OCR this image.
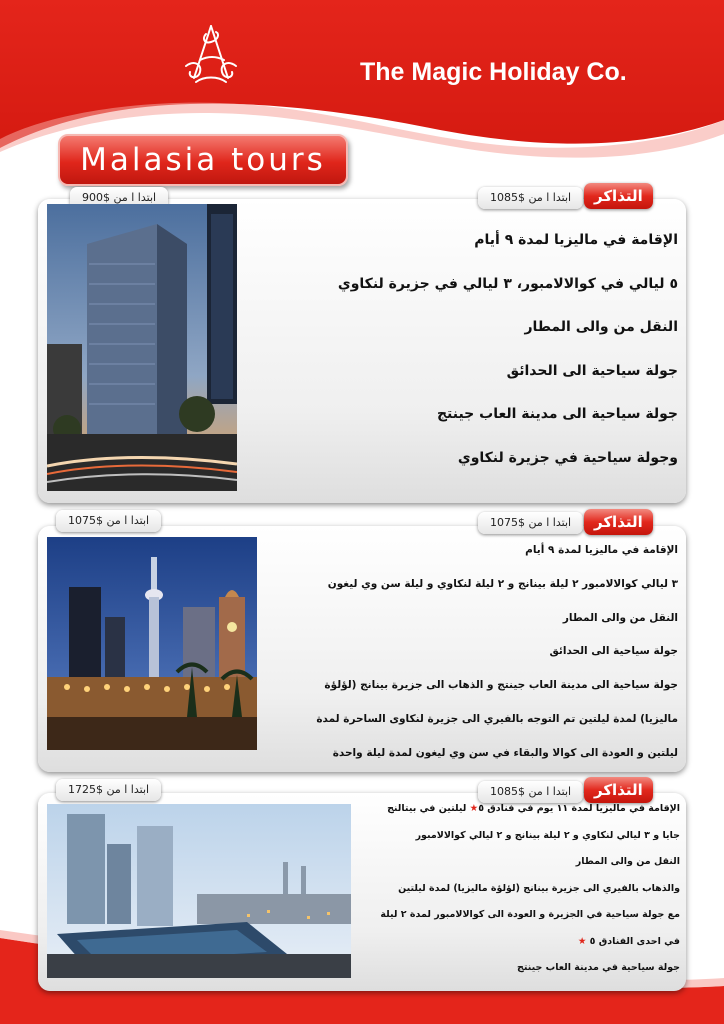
The Magic Holiday Co.
Malasia tours
ابتدا ا من $900	ابتدا ا من $1085	التذاكر
الإقامة في ماليزيا لمدة ٩ أيام
٥ ليالي في كوالالامبور، ٣ ليالي في جزيرة لنكاوي
النقل من والى المطار
جولة سياحية الى الحدائق
جولة سياحية الى مدينة العاب جينتج
وجولة سياحية في جزيرة لنكاوي
ابتدا ا من $1075	ابتدا ا من $1075	التذاكر
الإقامة في ماليزيا لمدة ٩ أيام
٣ ليالي كوالالامبور ٢ ليلة بينانج و ٢ ليلة لنكاوي و ليلة سن وي ليغون
النقل من والى المطار
جولة سياحية الى الحدائق
جولة سياحية الى مدينة العاب جينتج و الذهاب الى جزيرة بينانج (لؤلؤة
ماليزيا) لمدة ليلتين تم التوجه بالفيري الى جزيرة لنكاوى الساحرة لمدة
ليلتين و العودة الى كوالا والبقاء في سن وي ليغون لمدة ليلة واحدة
ابتدا ا من $1725	ابتدا ا من $1085	التذاكر
الإقامة في ماليزيا لمدة ١١ يوم في فنادق ٥★ ليلتين في بيتالنج
جايا و ٣ ليالي لنكاوي و ٢ ليلة بينانج و ٢ ليالي كوالالامبور
النقل من والى المطار
والذهاب بالفيري الى جزيرة بينانج (لؤلؤة ماليزيا) لمدة ليلتين
مع جولة سياحية في الجزيرة و العودة الى كوالالامبور لمدة ٢ ليلة
في احدى الفنادق ٥ ★
جولة سياحية في مدينة العاب جينتج
